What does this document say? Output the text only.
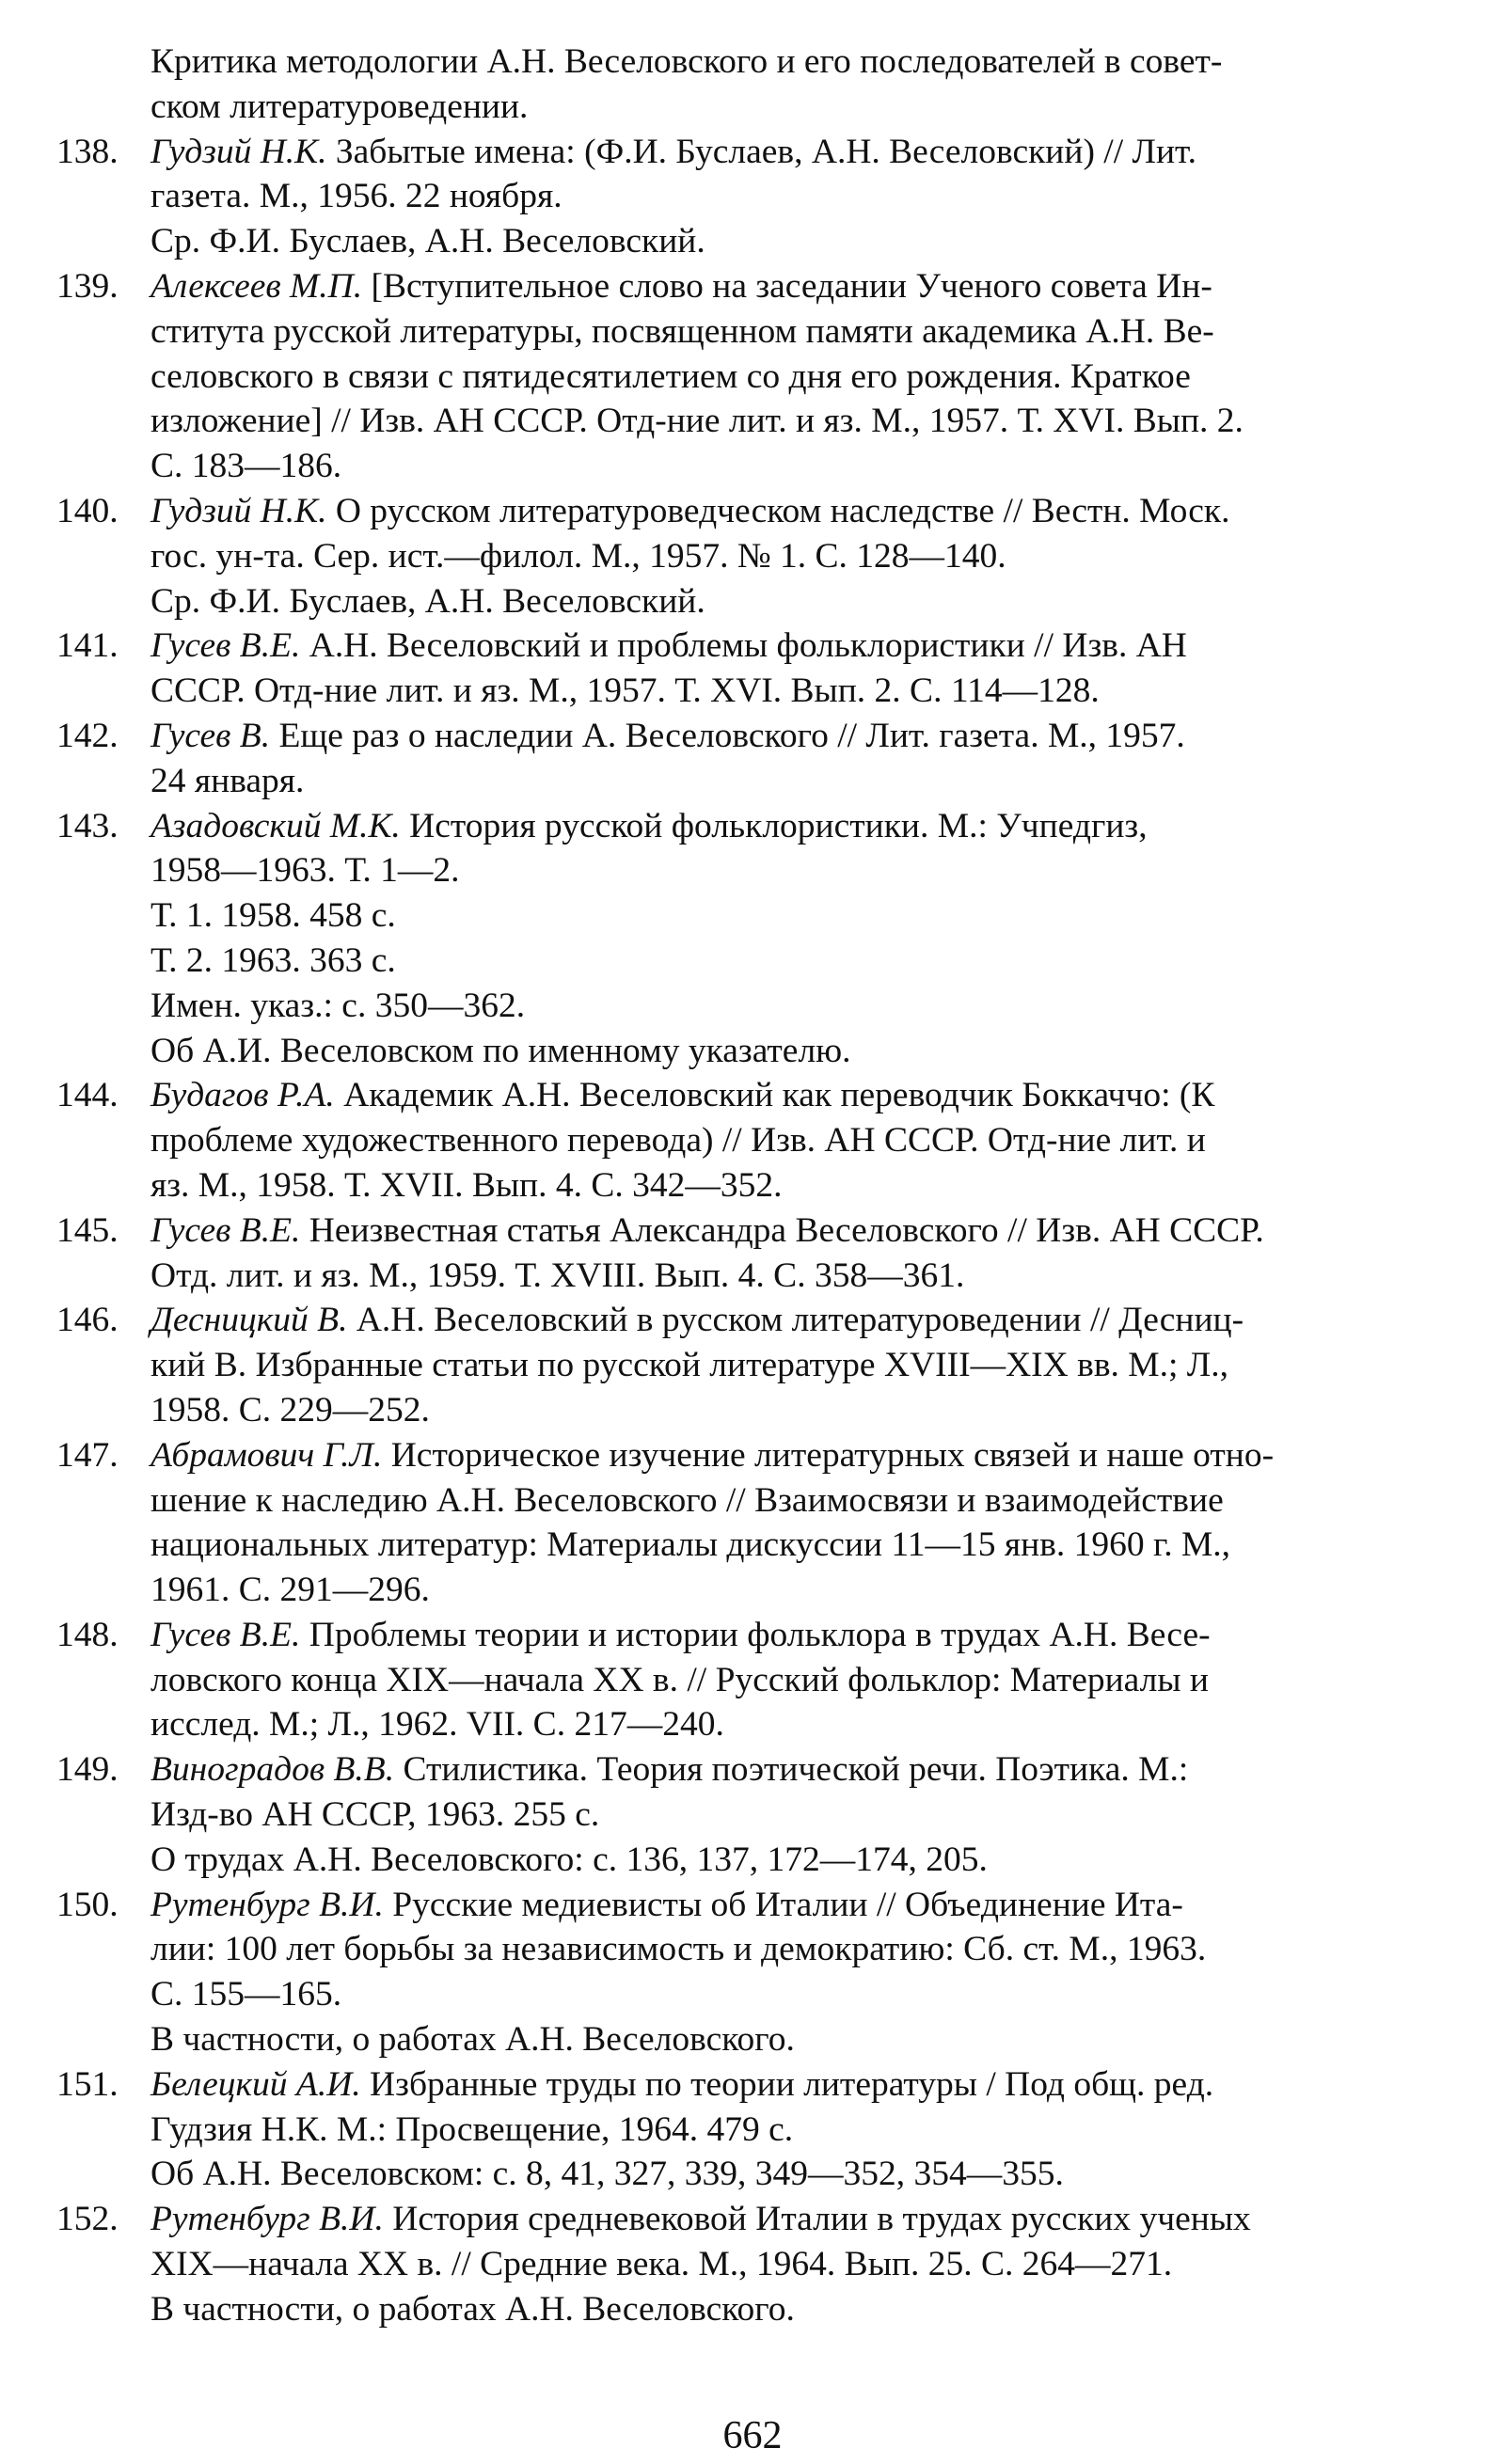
Критика методологии А.Н. Веселовского и его последователей в совет-
ском литературоведении.
138. Гудзий Н.К. Забытые имена: (Ф.И. Буслаев, А.Н. Веселовский) // Лит.
газета. М., 1956. 22 ноября.
Ср. Ф.И. Буслаев, А.Н. Веселовский.
139. Алексеев М.П. [Вступительное слово на заседании Ученого совета Ин-
ститута русской литературы, посвященном памяти академика А.Н. Ве-
селовского в связи с пятидесятилетием со дня его рождения. Краткое
изложение] // Изв. АН СССР. Отд-ние лит. и яз. М., 1957. Т. XVI. Вып. 2.
С. 183—186.
140. Гудзий Н.К. О русском литературоведческом наследстве // Вестн. Моск.
гос. ун-та. Сер. ист.—филол. М., 1957. № 1. С. 128—140.
Ср. Ф.И. Буслаев, А.Н. Веселовский.
141. Гусев В.Е. А.Н. Веселовский и проблемы фольклористики // Изв. АН
СССР. Отд-ние лит. и яз. М., 1957. Т. XVI. Вып. 2. С. 114—128.
142. Гусев В. Еще раз о наследии А. Веселовского // Лит. газета. М., 1957.
24 января.
143. Азадовский М.К. История русской фольклористики. М.: Учпедгиз,
1958—1963. Т. 1—2.
Т. 1. 1958. 458 с.
Т. 2. 1963. 363 с.
Имен. указ.: с. 350—362.
Об А.И. Веселовском по именному указателю.
144. Будагов Р.А. Академик А.Н. Веселовский как переводчик Боккаччо: (К
проблеме художественного перевода) // Изв. АН СССР. Отд-ние лит. и
яз. М., 1958. Т. XVII. Вып. 4. С. 342—352.
145. Гусев В.Е. Неизвестная статья Александра Веселовского // Изв. АН СССР.
Отд. лит. и яз. М., 1959. Т. XVIII. Вып. 4. С. 358—361.
146. Десницкий В. А.Н. Веселовский в русском литературоведении // Десниц-
кий В. Избранные статьи по русской литературе XVIII—XIX вв. М.; Л.,
1958. С. 229—252.
147. Абрамович Г.Л. Историческое изучение литературных связей и наше отно-
шение к наследию А.Н. Веселовского // Взаимосвязи и взаимодействие
национальных литератур: Материалы дискуссии 11—15 янв. 1960 г. М.,
1961. С. 291—296.
148. Гусев В.Е. Проблемы теории и истории фольклора в трудах А.Н. Весе-
ловского конца XIX—начала XX в. // Русский фольклор: Материалы и
исслед. М.; Л., 1962. VII. С. 217—240.
149. Виноградов В.В. Стилистика. Теория поэтической речи. Поэтика. М.:
Изд-во АН СССР, 1963. 255 с.
О трудах А.Н. Веселовского: с. 136, 137, 172—174, 205.
150. Рутенбург В.И. Русские медиевисты об Италии // Объединение Ита-
лии: 100 лет борьбы за независимость и демократию: Сб. ст. М., 1963.
С. 155—165.
В частности, о работах А.Н. Веселовского.
151. Белецкий А.И. Избранные труды по теории литературы / Под общ. ред.
Гудзия Н.К. М.: Просвещение, 1964. 479 с.
Об А.Н. Веселовском: с. 8, 41, 327, 339, 349—352, 354—355.
152. Рутенбург В.И. История средневековой Италии в трудах русских ученых
XIX—начала XX в. // Средние века. М., 1964. Вып. 25. С. 264—271.
В частности, о работах А.Н. Веселовского.
662
